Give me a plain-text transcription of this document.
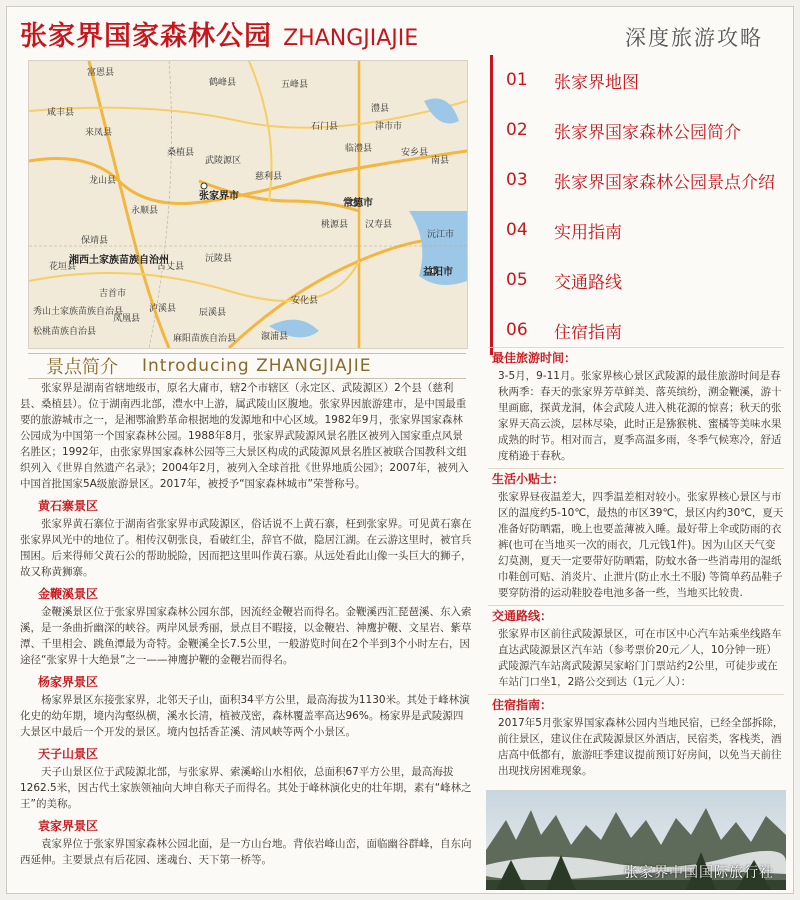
张家界国家森林公园 ZHANGJIAJIE	深度旅游攻略
富恩县
咸丰县
来凤县
龙山县
桑植县
永顺县
保靖县
花垣县
湘西土家族苗族自治州
吉首市
凤凰县
麻阳苗族自治县
松桃苗族自治县
秀山土家族苗族自治县
张家界市
武陵源区
慈利县
石门县
临澧县
澧县
津市市
安乡县
南县
常德市
汉寿县
桃源县
沅陵县
辰溪县
泸溪县
溆浦县
安化县
益阳市
沅江市
鹤峰县	五峰县
古丈县
01	张家界地图
02	张家界国家森林公园简介
03	张家界国家森林公园景点介绍
04	实用指南
05	交通路线
06	住宿指南
景点简介 Introducing ZHANGJIAJIE

张家界是湖南省辖地级市，原名大庸市，辖2个市辖区（永定区、武陵源区）2个县（慈利县、桑植县）。位于湖南西北部，澧水中上游，属武陵山区腹地。张家界因旅游建市，是中国最重要的旅游城市之一，是湘鄂渝黔革命根据地的发源地和中心区域。1982年9月，张家界国家森林公园成为中国第一个国家森林公园。1988年8月，张家界武陵源风景名胜区被列入国家重点风景名胜区；1992年，由张家界国家森林公园等三大景区构成的武陵源风景名胜区被联合国教科文组织列入《世界自然遗产名录》；2004年2月，被列入全球首批《世界地质公园》；2007年，被列入中国首批国家5A级旅游景区。2017年，被授予“国家森林城市”荣誉称号。

黄石寨景区

张家界黄石寨位于湖南省张家界市武陵源区，俗话说不上黄石寨，枉到张家界。可见黄石寨在张家界风光中的地位了。相传汉朝张良，看破红尘，辞官不做，隐居江湖。在云游这里时，被官兵围困。后来得师父黄石公的帮助脱险，因而把这里叫作黄石寨。从远处看此山像一头巨大的狮子，故又称黄狮寨。

金鞭溪景区

金鞭溪景区位于张家界国家森林公园东部，因流经金鞭岩而得名。金鞭溪西汇琵琶溪、东入索溪，是一条曲折幽深的峡谷。两岸风景秀丽，景点目不暇接，以金鞭岩、神鹰护鞭、文星岩、紫草潭、千里相会、跳鱼潭最为奇特。金鞭溪全长7.5公里，一般游览时间在2个半到3个小时左右，因途径“张家界十大绝景”之一——神鹰护鞭的金鞭岩而得名。

杨家界景区

杨家界景区东接张家界，北邻天子山，面积34平方公里，最高海拔为1130米。其处于峰林演化史的幼年期，境内沟壑纵横，溪水长清，植被茂密，森林覆盖率高达96%。杨家界是武陵源四大景区中最后一个开发的景区。境内包括香芷溪、清风峡等两个小景区。

天子山景区

天子山景区位于武陵源北部，与张家界、索溪峪山水相依，总面积67平方公里，最高海拔1262.5米，因古代土家族领袖向大坤自称天子而得名。其处于峰林演化史的壮年期，素有“峰林之王”的美称。

袁家界景区

袁家界位于张家界国家森林公园北面，是一方山台地。背依岩峰山峦，面临幽谷群峰，自东向西延伸。主要景点有后花园、迷魂台、天下第一桥等。

最佳旅游时间：

3-5月，9-11月。张家界核心景区武陵源的最佳旅游时间是春秋两季：春天的张家界芳草鲜美、落英缤纷，溯金鞭溪，游十里画廊，探黄龙洞，体会武陵人进入桃花源的惊喜；秋天的张家界天高云淡，层林尽染，此时正是猕猴桃、蜜橘等美味水果成熟的时节。相对而言，夏季高温多雨，冬季气候寒冷，舒适度稍逊于春秋。

生活小贴士：

张家界昼夜温差大，四季温差相对较小。张家界核心景区与市区的温度约5-10℃，最热的市区39℃，景区内约30℃，夏天准备好防晒霜，晚上也要盖薄被入睡。最好带上伞或防雨的衣裤(也可在当地买一次的雨衣，几元钱1件)。因为山区天气变幻莫测，夏天一定要带好防晒霜，防蚊水备一些消毒用的湿纸巾鞋创可贴、消炎片、止泄片(防止水土不服) 等简单药品鞋子要穿防滑的运动鞋胶卷电池多备一些，当地买比较贵.

交通路线：

张家界市区前往武陵源景区，可在市区中心汽车站乘坐线路车直达武陵源景区汽车站（参考票价20元／人，10分钟一班）武陵源汽车站离武陵源吴家峪门门票站约2公里，可徒步或在车站门口坐1，2路公交到达（1元／人）：

住宿指南：

2017年5月张家界国家森林公园内当地民宿，已经全部拆除，前往景区，建议住在武陵源景区外酒店，民宿类，客栈类，酒店高中低都有，旅游旺季建议提前预订好房间，以免当天前往出现找房困难现象。

张家界中国国际旅行社
